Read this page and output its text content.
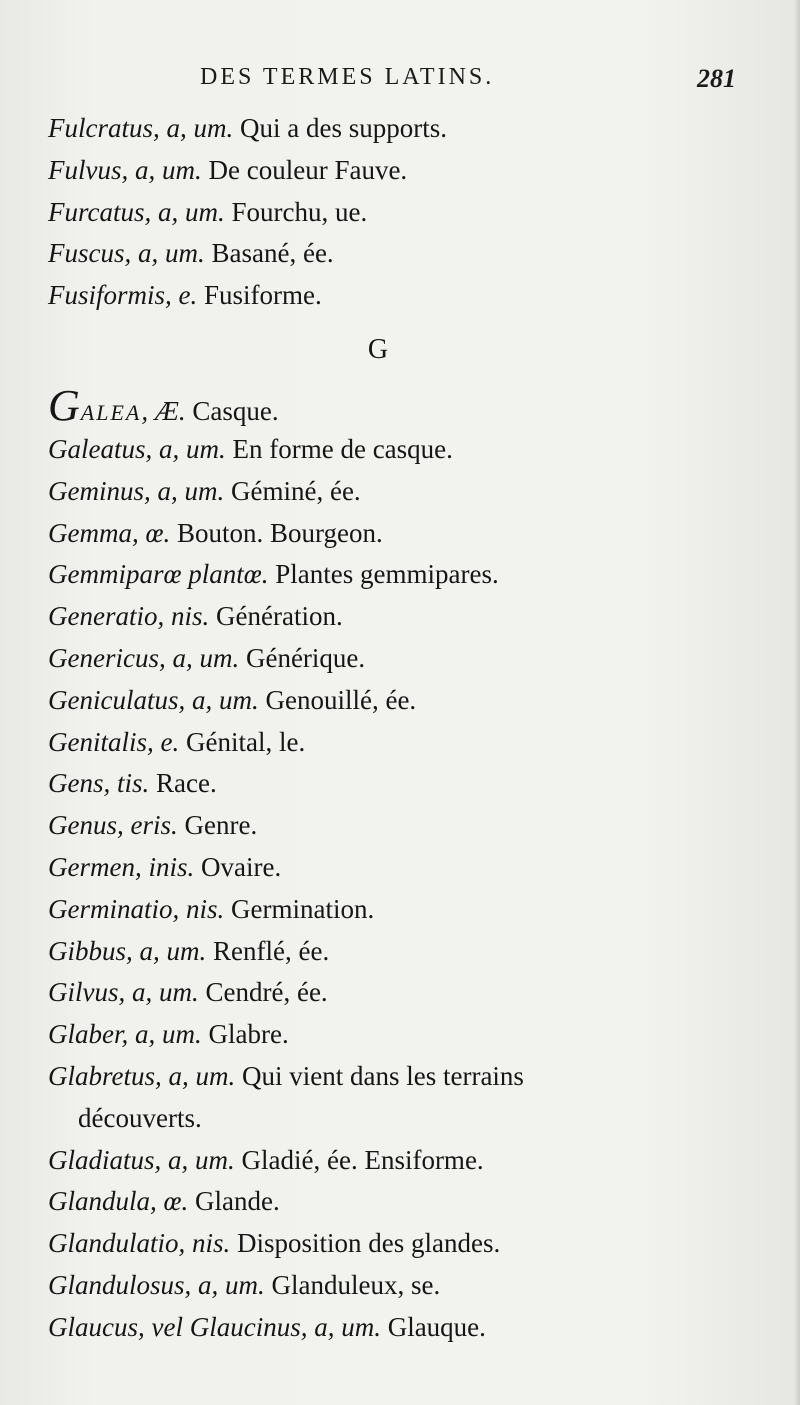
DES TERMES LATINS.	281
Fulcratus, a, um. Qui a des supports.
Fulvus, a, um. De couleur Fauve.
Furcatus, a, um. Fourchu, ue.
Fuscus, a, um. Basané, ée.
Fusiformis, e. Fusiforme.
G
GALEA, Æ. Casque.
Galeatus, a, um. En forme de casque.
Geminus, a, um. Géminé, ée.
Gemma, œ. Bouton. Bourgeon.
Gemmiparœ plantœ. Plantes gemmipares.
Generatio, nis. Génération.
Genericus, a, um. Générique.
Geniculatus, a, um. Genouillé, ée.
Genitalis, e. Génital, le.
Gens, tis. Race.
Genus, eris. Genre.
Germen, inis. Ovaire.
Germinatio, nis. Germination.
Gibbus, a, um. Renflé, ée.
Gilvus, a, um. Cendré, ée.
Glaber, a, um. Glabre.
Glabretus, a, um. Qui vient dans les terrains
découverts.
Gladiatus, a, um. Gladié, ée. Ensiforme.
Glandula, œ. Glande.
Glandulatio, nis. Disposition des glandes.
Glandulosus, a, um. Glanduleux, se.
Glaucus, vel Glaucinus, a, um. Glauque.
